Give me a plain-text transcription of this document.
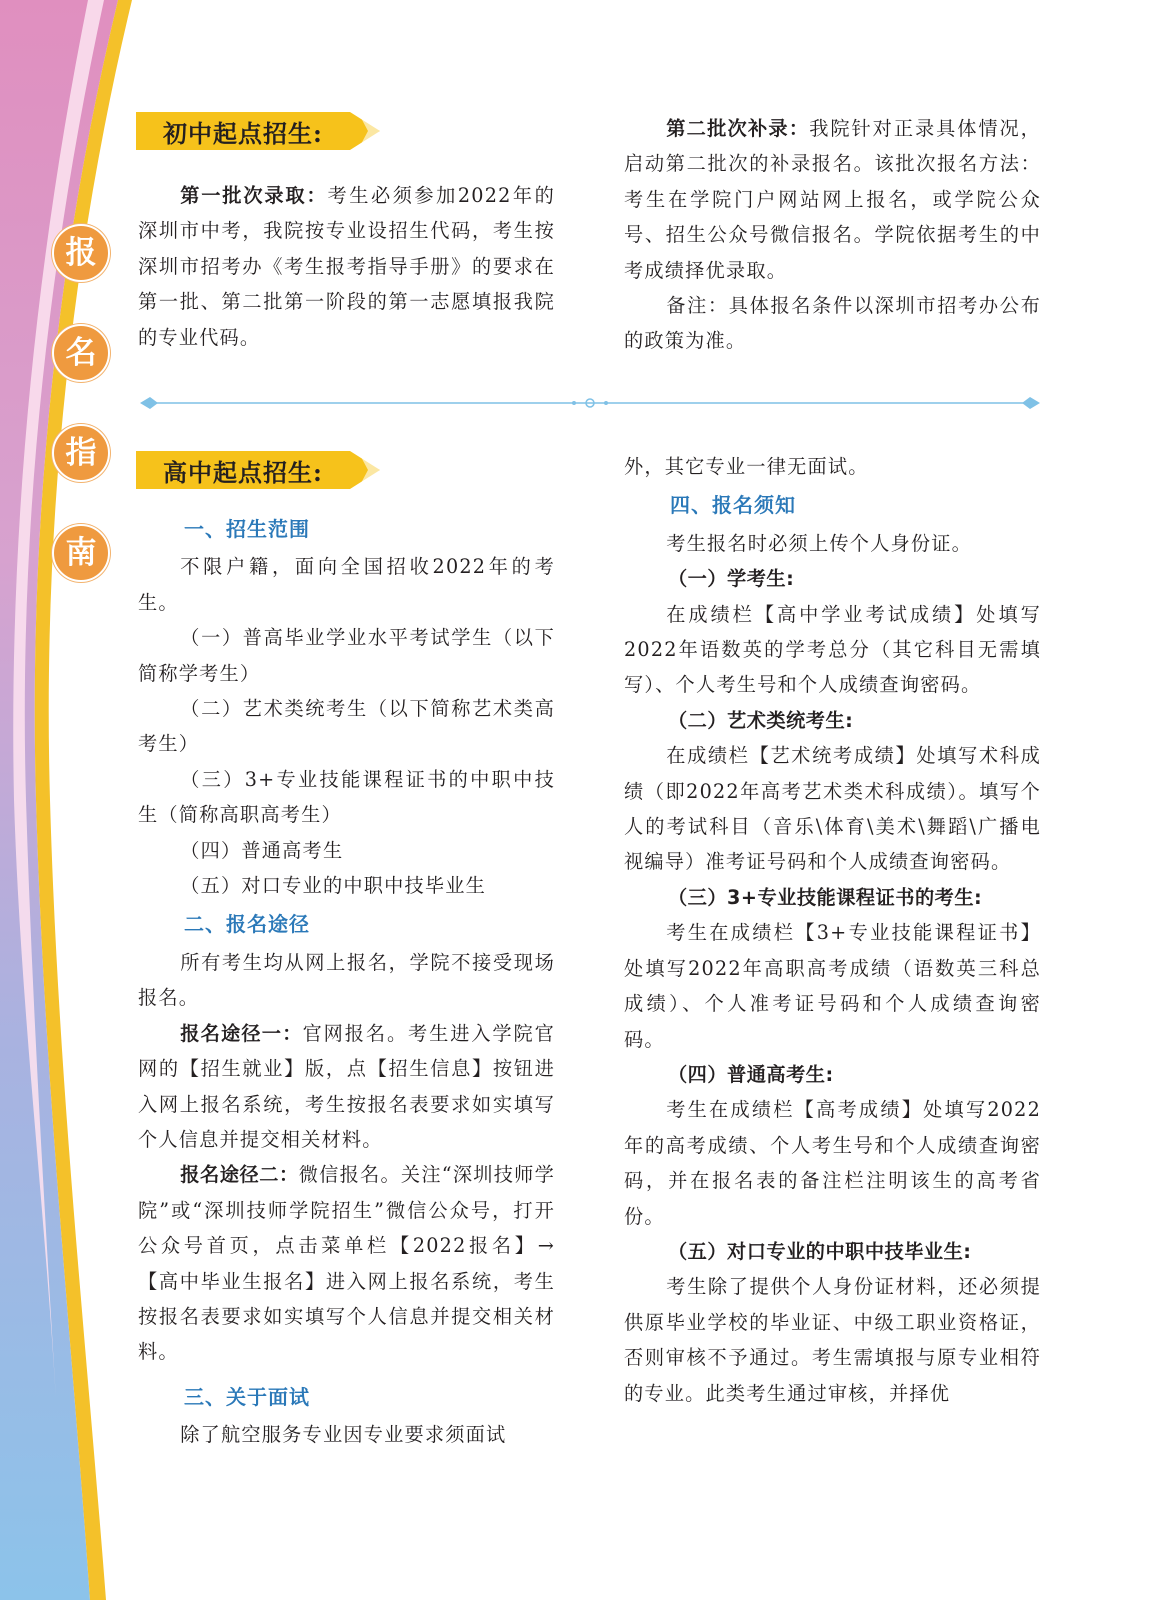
报
名
指
南
初中起点招生:

第一批次录取：考生必须参加2022年的深圳市中考，我院按专业设招生代码，考生按深圳市招考办《考生报考指导手册》的要求在第一批、第二批第一阶段的第一志愿填报我院的专业代码。

第二批次补录：我院针对正录具体情况，启动第二批次的补录报名。该批次报名方法：考生在学院门户网站网上报名，或学院公众号、招生公众号微信报名。学院依据考生的中考成绩择优录取。

备注：具体报名条件以深圳市招考办公布的政策为准。

高中起点招生:

一、招生范围

不限户籍，面向全国招收2022年的考生。

（一）普高毕业学业水平考试学生（以下简称学考生）

（二）艺术类统考生（以下简称艺术类高考生）

（三）3+专业技能课程证书的中职中技生（简称高职高考生）

（四）普通高考生

（五）对口专业的中职中技毕业生

二、报名途径

所有考生均从网上报名，学院不接受现场报名。

报名途径一：官网报名。考生进入学院官网的【招生就业】版，点【招生信息】按钮进入网上报名系统，考生按报名表要求如实填写个人信息并提交相关材料。

报名途径二：微信报名。关注“深圳技师学院”或“深圳技师学院招生”微信公众号，打开公众号首页，点击菜单栏【2022报名】→【高中毕业生报名】进入网上报名系统，考生按报名表要求如实填写个人信息并提交相关材料。

三、关于面试

除了航空服务专业因专业要求须面试

外，其它专业一律无面试。

四、报名须知

考生报名时必须上传个人身份证。

（一）学考生:

在成绩栏【高中学业考试成绩】处填写2022年语数英的学考总分（其它科目无需填写）、个人考生号和个人成绩查询密码。

（二）艺术类统考生:

在成绩栏【艺术统考成绩】处填写术科成绩（即2022年高考艺术类术科成绩）。填写个人的考试科目（音乐\体育\美术\舞蹈\广播电视编导）准考证号码和个人成绩查询密码。

（三）3+专业技能课程证书的考生:

考生在成绩栏【3+专业技能课程证书】处填写2022年高职高考成绩（语数英三科总成绩）、个人准考证号码和个人成绩查询密码。

（四）普通高考生:

考生在成绩栏【高考成绩】处填写2022年的高考成绩、个人考生号和个人成绩查询密码，并在报名表的备注栏注明该生的高考省份。

（五）对口专业的中职中技毕业生:

考生除了提供个人身份证材料，还必须提供原毕业学校的毕业证、中级工职业资格证，否则审核不予通过。考生需填报与原专业相符的专业。此类考生通过审核，并择优
